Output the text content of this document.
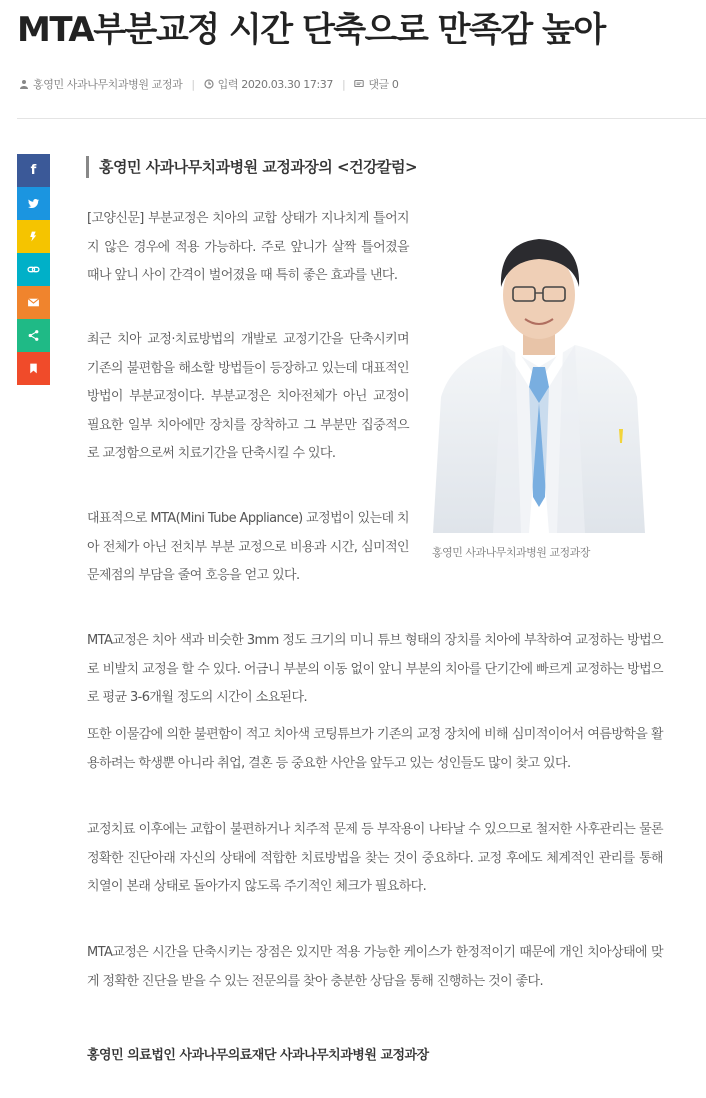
MTA부분교정 시간 단축으로 만족감 높아
홍영민 사과나무치과병원 교정과 | 입력 2020.03.30 17:37 | 댓글 0
f	홍영민 사과나무치과병원 교정과장의 <건강칼럼>

[고양신문] 부분교정은 치아의 교합 상태가 지나치게 틀어지지 않은 경우에 적용 가능하다. 주로 앞니가 살짝 틀어졌을 때나 앞니 사이 간격이 벌어졌을 때 특히 좋은 효과를 낸다.

최근 치아 교정·치료방법의 개발로 교정기간을 단축시키며 기존의 불편함을 해소할 방법들이 등장하고 있는데 대표적인 방법이 부분교정이다. 부분교정은 치아전체가 아닌 교정이 필요한 일부 치아에만 장치를 장착하고 그 부분만 집중적으로 교정함으로써 치료기간을 단축시킬 수 있다.

대표적으로 MTA(Mini Tube Appliance) 교정법이 있는데 치아 전체가 아닌 전치부 부분 교정으로 비용과 시간, 심미적인 문제점의 부담을 줄여 호응을 얻고 있다.

홍영민 사과나무치과병원 교정과장

MTA교정은 치아 색과 비슷한 3mm 정도 크기의 미니 튜브 형태의 장치를 치아에 부착하여 교정하는 방법으로 비발치 교정을 할 수 있다. 어금니 부분의 이동 없이 앞니 부분의 치아를 단기간에 빠르게 교정하는 방법으로 평균 3-6개월 정도의 시간이 소요된다.

또한 이물감에 의한 불편함이 적고 치아색 코팅튜브가 기존의 교정 장치에 비해 심미적이어서 여름방학을 활용하려는 학생뿐 아니라 취업, 결혼 등 중요한 사안을 앞두고 있는 성인들도 많이 찾고 있다.

교정치료 이후에는 교합이 불편하거나 치주적 문제 등 부작용이 나타날 수 있으므로 철저한 사후관리는 물론 정확한 진단아래 자신의 상태에 적합한 치료방법을 찾는 것이 중요하다. 교정 후에도 체계적인 관리를 통해 치열이 본래 상태로 돌아가지 않도록 주기적인 체크가 필요하다.

MTA교정은 시간을 단축시키는 장점은 있지만 적용 가능한 케이스가 한정적이기 때문에 개인 치아상태에 맞게 정확한 진단을 받을 수 있는 전문의를 찾아 충분한 상담을 통해 진행하는 것이 좋다.

홍영민 의료법인 사과나무의료재단 사과나무치과병원 교정과장
